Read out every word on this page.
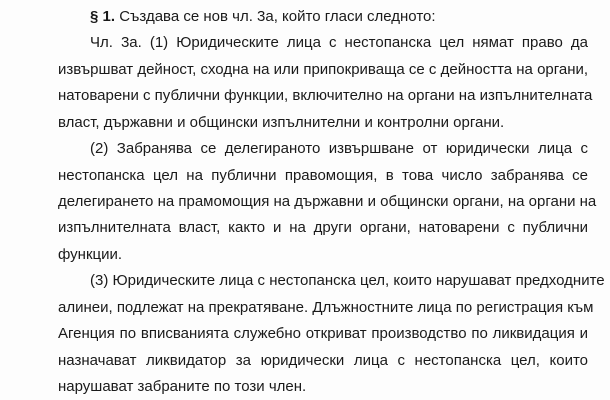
§ 1. Създава се нов чл. 3а, който гласи следното:
Чл. 3а. (1) Юридическите лица с нестопанска цел нямат право да
извършват дейност, сходна на или припокриваща се с дейността на органи,
натоварени с публични функции, включително на органи на изпълнителната
власт, държавни и общински изпълнителни и контролни органи.
(2) Забранява се делегираното извършване от юридически лица с
нестопанска цел на публични правомощия, в това число забранява се
делегирането на прамомощия на държавни и общински органи, на органи на
изпълнителната власт, както и на други органи, натоварени с публични
функции.
(3) Юридическите лица с нестопанска цел, които нарушават предходните
алинеи, подлежат на прекратяване. Длъжностните лица по регистрация към
Агенция по вписванията служебно откриват производство по ликвидация и
назначават ликвидатор за юридически лица с нестопанска цел, които
нарушават забраните по този член.
